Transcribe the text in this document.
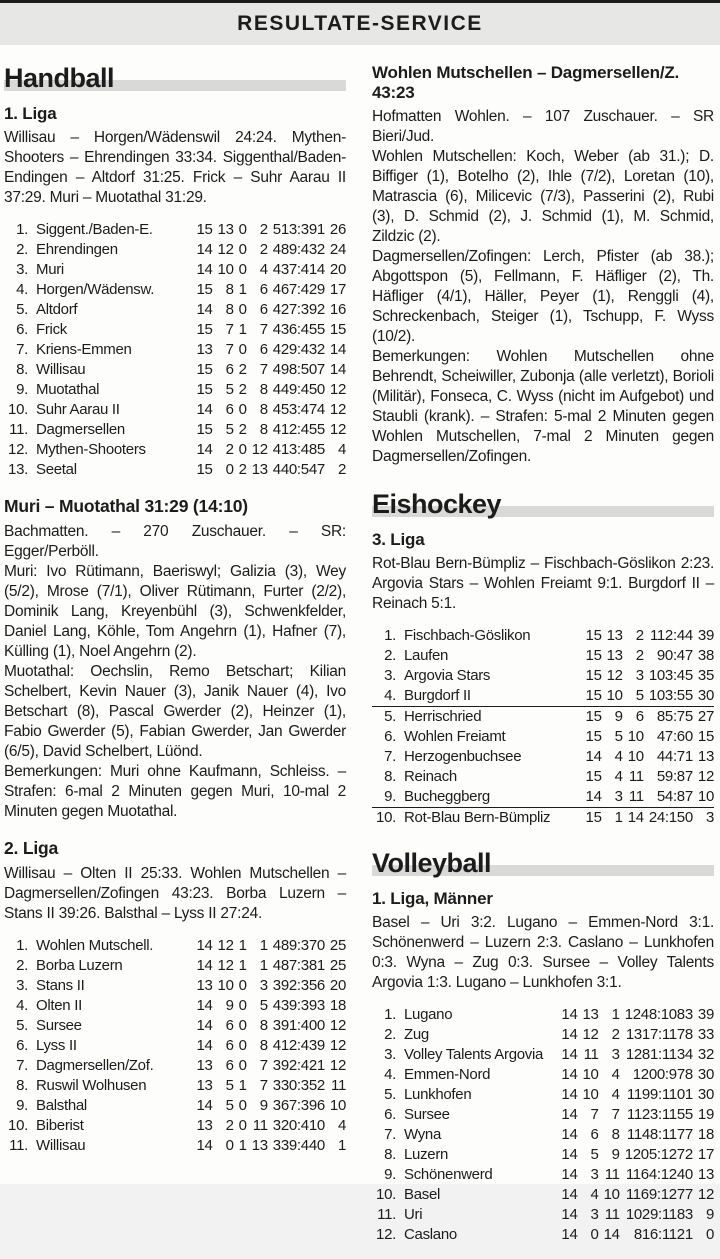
RESULTATE-SERVICE
Handball
1. Liga

Willisau – Horgen/Wädenswil 24:24. Mythen-Shooters – Ehrendingen 33:34. Siggenthal/Baden-Endingen – Altdorf 31:25. Frick – Suhr Aarau II 37:29. Muri – Muotathal 31:29.

1.	Siggent./Baden-E.	15	13	0	2	513:391	26
2.	Ehrendingen	14	12	0	2	489:432	24
3.	Muri	14	10	0	4	437:414	20
4.	Horgen/Wädensw.	15	8	1	6	467:429	17
5.	Altdorf	14	8	0	6	427:392	16
6.	Frick	15	7	1	7	436:455	15
7.	Kriens-Emmen	13	7	0	6	429:432	14
8.	Willisau	15	6	2	7	498:507	14
9.	Muotathal	15	5	2	8	449:450	12
10.	Suhr Aarau II	14	6	0	8	453:474	12
11.	Dagmersellen	15	5	2	8	412:455	12
12.	Mythen-Shooters	14	2	0	12	413:485	4
13.	Seetal	15	0	2	13	440:547	2
Muri – Muotathal 31:29 (14:10)

Bachmatten. – 270 Zuschauer. – SR: Egger/Perböll.

Muri: Ivo Rütimann, Baeriswyl; Galizia (3), Wey (5/2), Mrose (7/1), Oliver Rütimann, Furter (2/2), Dominik Lang, Kreyenbühl (3), Schwenkfelder, Daniel Lang, Köhle, Tom Angehrn (1), Hafner (7), Külling (1), Noel Angehrn (2).

Muotathal: Oechslin, Remo Betschart; Kilian Schelbert, Kevin Nauer (3), Janik Nauer (4), Ivo Betschart (8), Pascal Gwerder (2), Heinzer (1), Fabio Gwerder (5), Fabian Gwerder, Jan Gwerder (6/5), David Schelbert, Lüönd.

Bemerkungen: Muri ohne Kaufmann, Schleiss. – Strafen: 6-mal 2 Minuten gegen Muri, 10-mal 2 Minuten gegen Muotathal.

2. Liga

Willisau – Olten II 25:33. Wohlen Mutschellen – Dagmersellen/Zofingen 43:23. Borba Luzern – Stans II 39:26. Balsthal – Lyss II 27:24.

1.	Wohlen Mutschell.	14	12	1	1	489:370	25
2.	Borba Luzern	14	12	1	1	487:381	25
3.	Stans II	13	10	0	3	392:356	20
4.	Olten II	14	9	0	5	439:393	18
5.	Sursee	14	6	0	8	391:400	12
6.	Lyss II	14	6	0	8	412:439	12
7.	Dagmersellen/Zof.	13	6	0	7	392:421	12
8.	Ruswil Wolhusen	13	5	1	7	330:352	11
9.	Balsthal	14	5	0	9	367:396	10
10.	Biberist	13	2	0	11	320:410	4
11.	Willisau	14	0	1	13	339:440	1
Wohlen Mutschellen – Dagmersellen/Z. 43:23

Hofmatten Wohlen. – 107 Zuschauer. – SR Bieri/Jud.

Wohlen Mutschellen: Koch, Weber (ab 31.); D. Biffiger (1), Botelho (2), Ihle (7/2), Loretan (10), Matrascia (6), Milicevic (7/3), Passerini (2), Rubi (3), D. Schmid (2), J. Schmid (1), M. Schmid, Zildzic (2).

Dagmersellen/Zofingen: Lerch, Pfister (ab 38.); Abgottspon (5), Fellmann, F. Häfliger (2), Th. Häfliger (4/1), Häller, Peyer (1), Renggli (4), Schreckenbach, Steiger (1), Tschupp, F. Wyss (10/2).

Bemerkungen: Wohlen Mutschellen ohne Behrendt, Scheiwiller, Zubonja (alle verletzt), Borioli (Militär), Fonseca, C. Wyss (nicht im Aufgebot) und Staubli (krank). – Strafen: 5-mal 2 Minuten gegen Wohlen Mutschellen, 7-mal 2 Minuten gegen Dagmersellen/Zofingen.

Eishockey
3. Liga

Rot-Blau Bern-Bümpliz – Fischbach-Göslikon 2:23. Argovia Stars – Wohlen Freiamt 9:1. Burgdorf II – Reinach 5:1.

1.	Fischbach-Göslikon	15	13	2	112:44	39
2.	Laufen	15	13	2	90:47	38
3.	Argovia Stars	15	12	3	103:45	35
4.	Burgdorf II	15	10	5	103:55	30
5.	Herrischried	15	9	6	85:75	27
6.	Wohlen Freiamt	15	5	10	47:60	15
7.	Herzogenbuchsee	14	4	10	44:71	13
8.	Reinach	15	4	11	59:87	12
9.	Bucheggberg	14	3	11	54:87	10
10.	Rot-Blau Bern-Bümpliz	15	1	14	24:150	3
Volleyball
1. Liga, Männer

Basel – Uri 3:2. Lugano – Emmen-Nord 3:1. Schönenwerd – Luzern 2:3. Caslano – Lunkhofen 0:3. Wyna – Zug 0:3. Sursee – Volley Talents Argovia 1:3. Lugano – Lunkhofen 3:1.

1.	Lugano	14	13	1	1248:1083	39
2.	Zug	14	12	2	1317:1178	33
3.	Volley Talents Argovia	14	11	3	1281:1134	32
4.	Emmen-Nord	14	10	4	1200:978	30
5.	Lunkhofen	14	10	4	1199:1101	30
6.	Sursee	14	7	7	1123:1155	19
7.	Wyna	14	6	8	1148:1177	18
8.	Luzern	14	5	9	1205:1272	17
9.	Schönenwerd	14	3	11	1164:1240	13
10.	Basel	14	4	10	1169:1277	12
11.	Uri	14	3	11	1029:1183	9
12.	Caslano	14	0	14	816:1121	0
